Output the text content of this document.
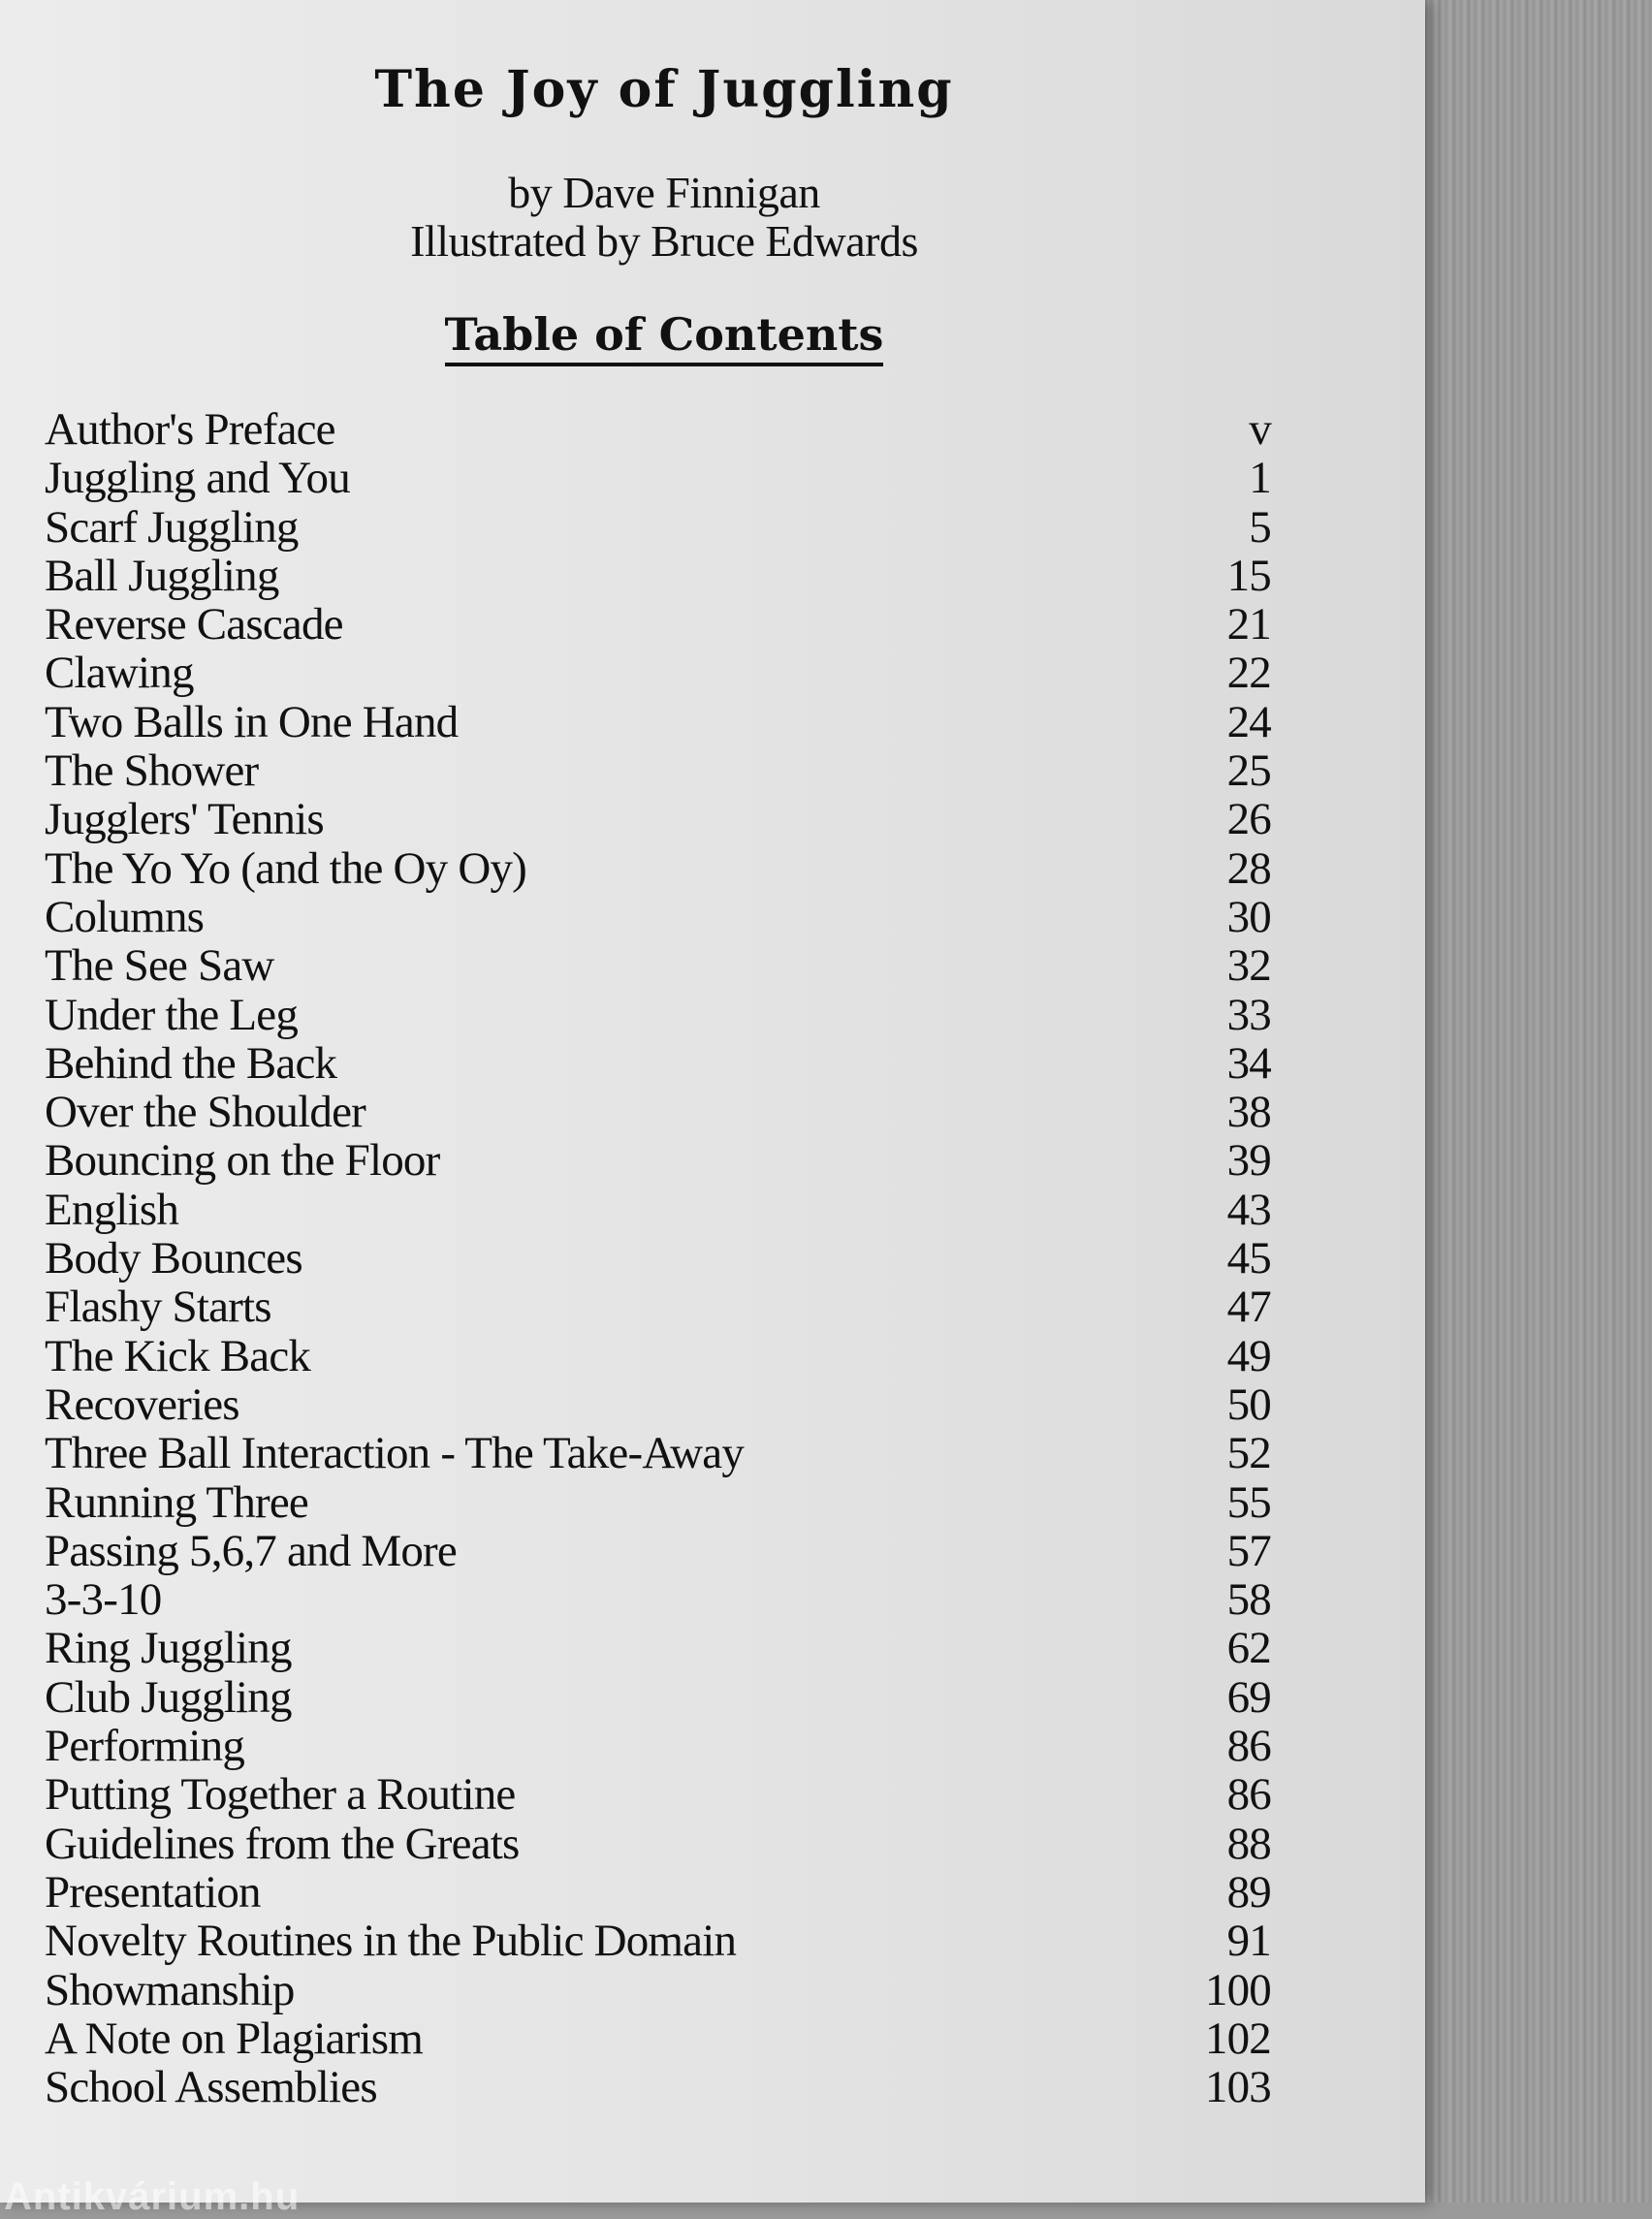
The Joy of Juggling
by Dave Finnigan
Illustrated by Bruce Edwards
Table of Contents
Author's Preface	v
Juggling and You	1
Scarf Juggling	5
Ball Juggling	15
Reverse Cascade	21
Clawing	22
Two Balls in One Hand	24
The Shower	25
Jugglers' Tennis	26
The Yo Yo (and the Oy Oy)	28
Columns	30
The See Saw	32
Under the Leg	33
Behind the Back	34
Over the Shoulder	38
Bouncing on the Floor	39
English	43
Body Bounces	45
Flashy Starts	47
The Kick Back	49
Recoveries	50
Three Ball Interaction - The Take-Away	52
Running Three	55
Passing 5,6,7 and More	57
3-3-10	58
Ring Juggling	62
Club Juggling	69
Performing	86
Putting Together a Routine	86
Guidelines from the Greats	88
Presentation	89
Novelty Routines in the Public Domain	91
Showmanship	100
A Note on Plagiarism	102
School Assemblies	103
Antikvárium.hu
